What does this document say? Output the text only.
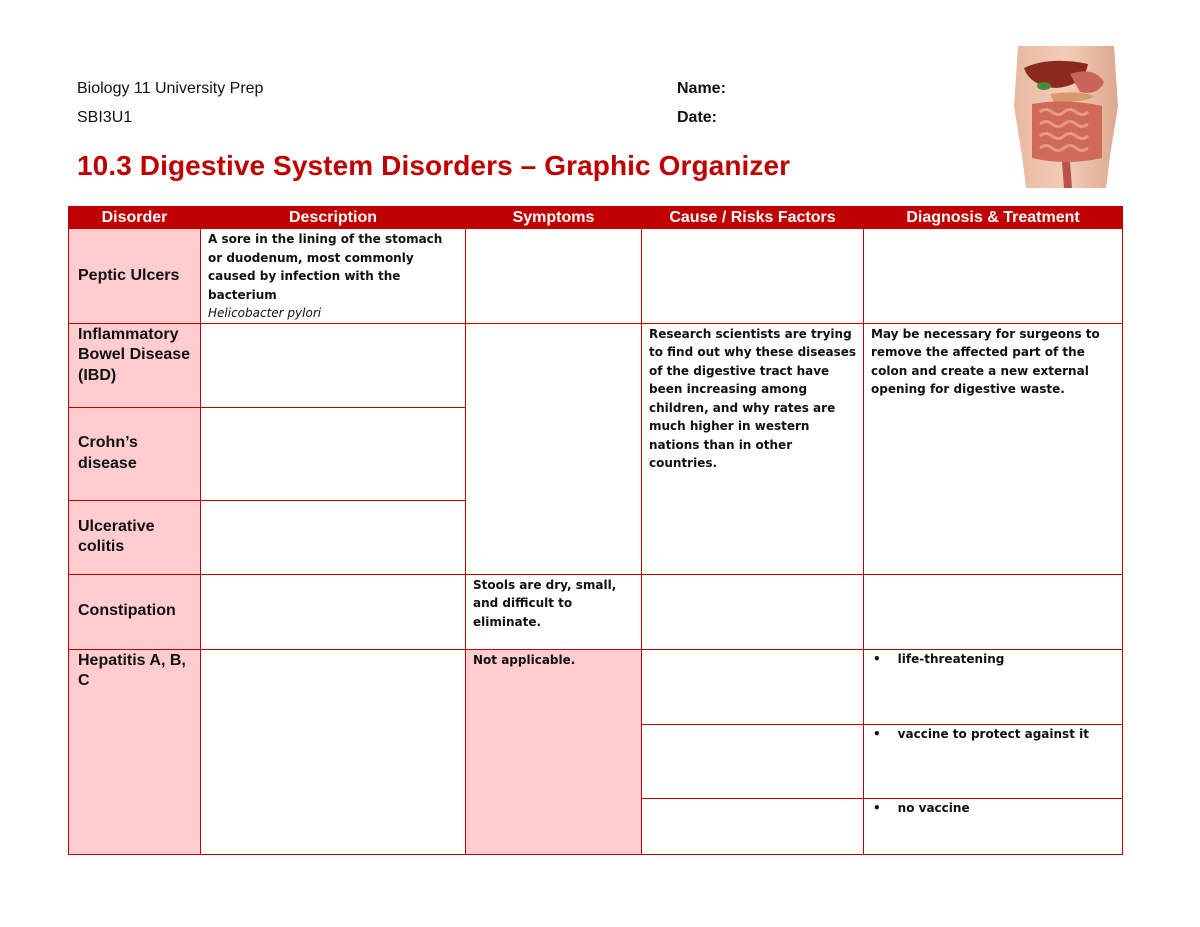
Biology 11 University Prep
SBI3U1
Name:
Date:
10.3 Digestive System Disorders – Graphic Organizer
Disorder	Description	Symptoms	Cause / Risks Factors	Diagnosis & Treatment
Peptic Ulcers	A sore in the lining of the stomach or duodenum, most commonly caused by infection with the bacterium
Helicobacter pylori			

Inflammatory Bowel Disease (IBD)			Research scientists are trying to find out why these diseases of the digestive tract have been increasing among children, and why rates are much higher in western nations than in other countries.	May be necessary for surgeons to remove the affected part of the colon and create a new external opening for digestive waste.

Crohn’s disease				
Ulcerative colitis				
Constipation		Stools are dry, small, and difficult to eliminate.		

Hepatitis A, B, C		Not applicable.		• life-threatening

				• vaccine to protect against it

				• no vaccine
